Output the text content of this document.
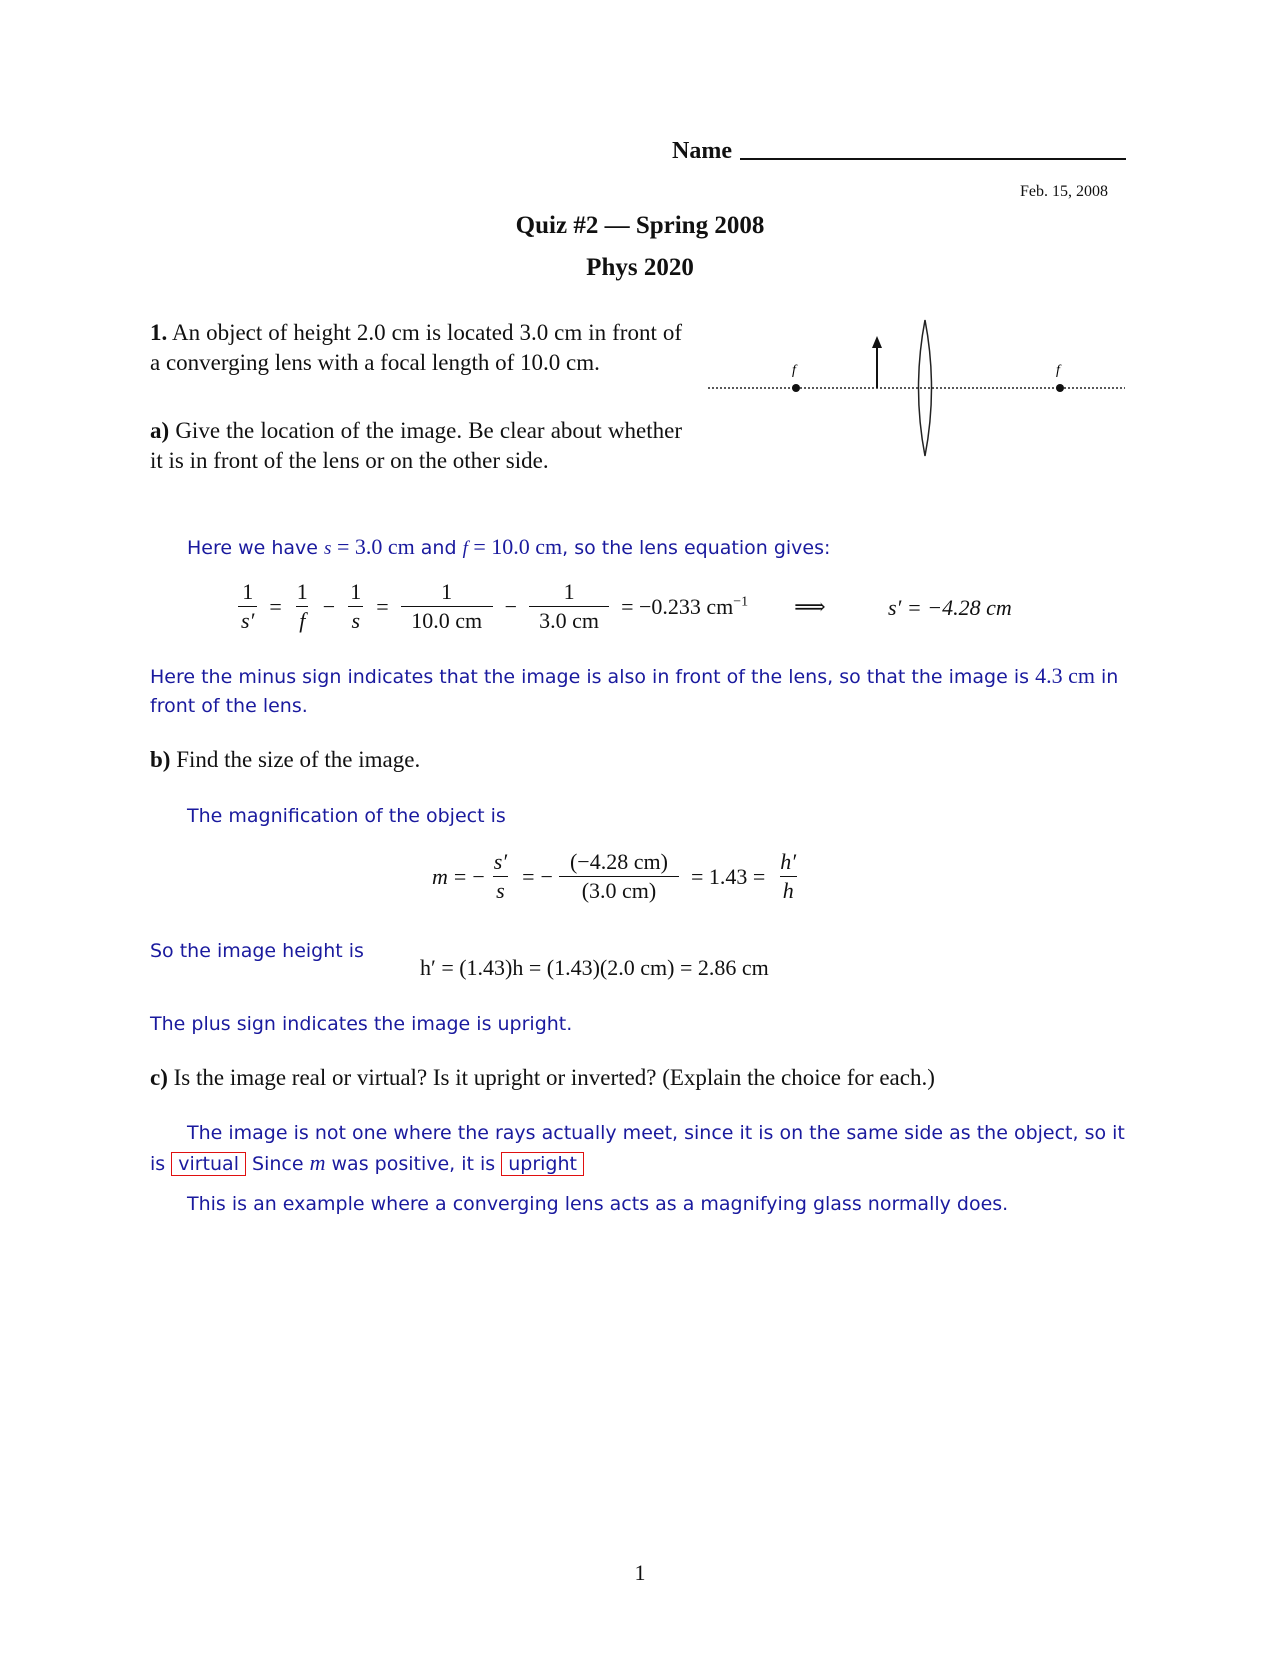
Name
Feb. 15, 2008
Quiz #2 — Spring 2008
Phys 2020
1. An object of height 2.0 cm is located 3.0 cm in front of a converging lens with a focal length of 10.0 cm.
a) Give the location of the image. Be clear about whether it is in front of the lens or on the other side.
f	f
Here we have s = 3.0 cm and f = 10.0 cm, so the lens equation gives:
$\frac{1}{s'} = \frac{1}{f} - \frac{1}{s} = \frac{1}{10.0 cm} - \frac{1}{3.0 cm} = -0.233$ $cm^{-1}$ ⟹	s′ = −4.28 cm
Here the minus sign indicates that the image is also in front of the lens, so that the image is 4.3 cm in front of the lens.
b) Find the size of the image.
The magnification of the object is
m = − $\frac{s'}{s}$ = − $\frac{(-4.28 cm)}{(3.0 cm)} = 1.43 = \frac{h'}{h}$
So the image height is
h′ = (1.43)h = (1.43)(2.0 cm) = 2.86 cm
The plus sign indicates the image is upright.
c) Is the image real or virtual? Is it upright or inverted? (Explain the choice for each.)
The image is not one where the rays actually meet, since it is on the same side as the object, so it is virtual Since m was positive, it is upright
This is an example where a converging lens acts as a magnifying glass normally does.
1
